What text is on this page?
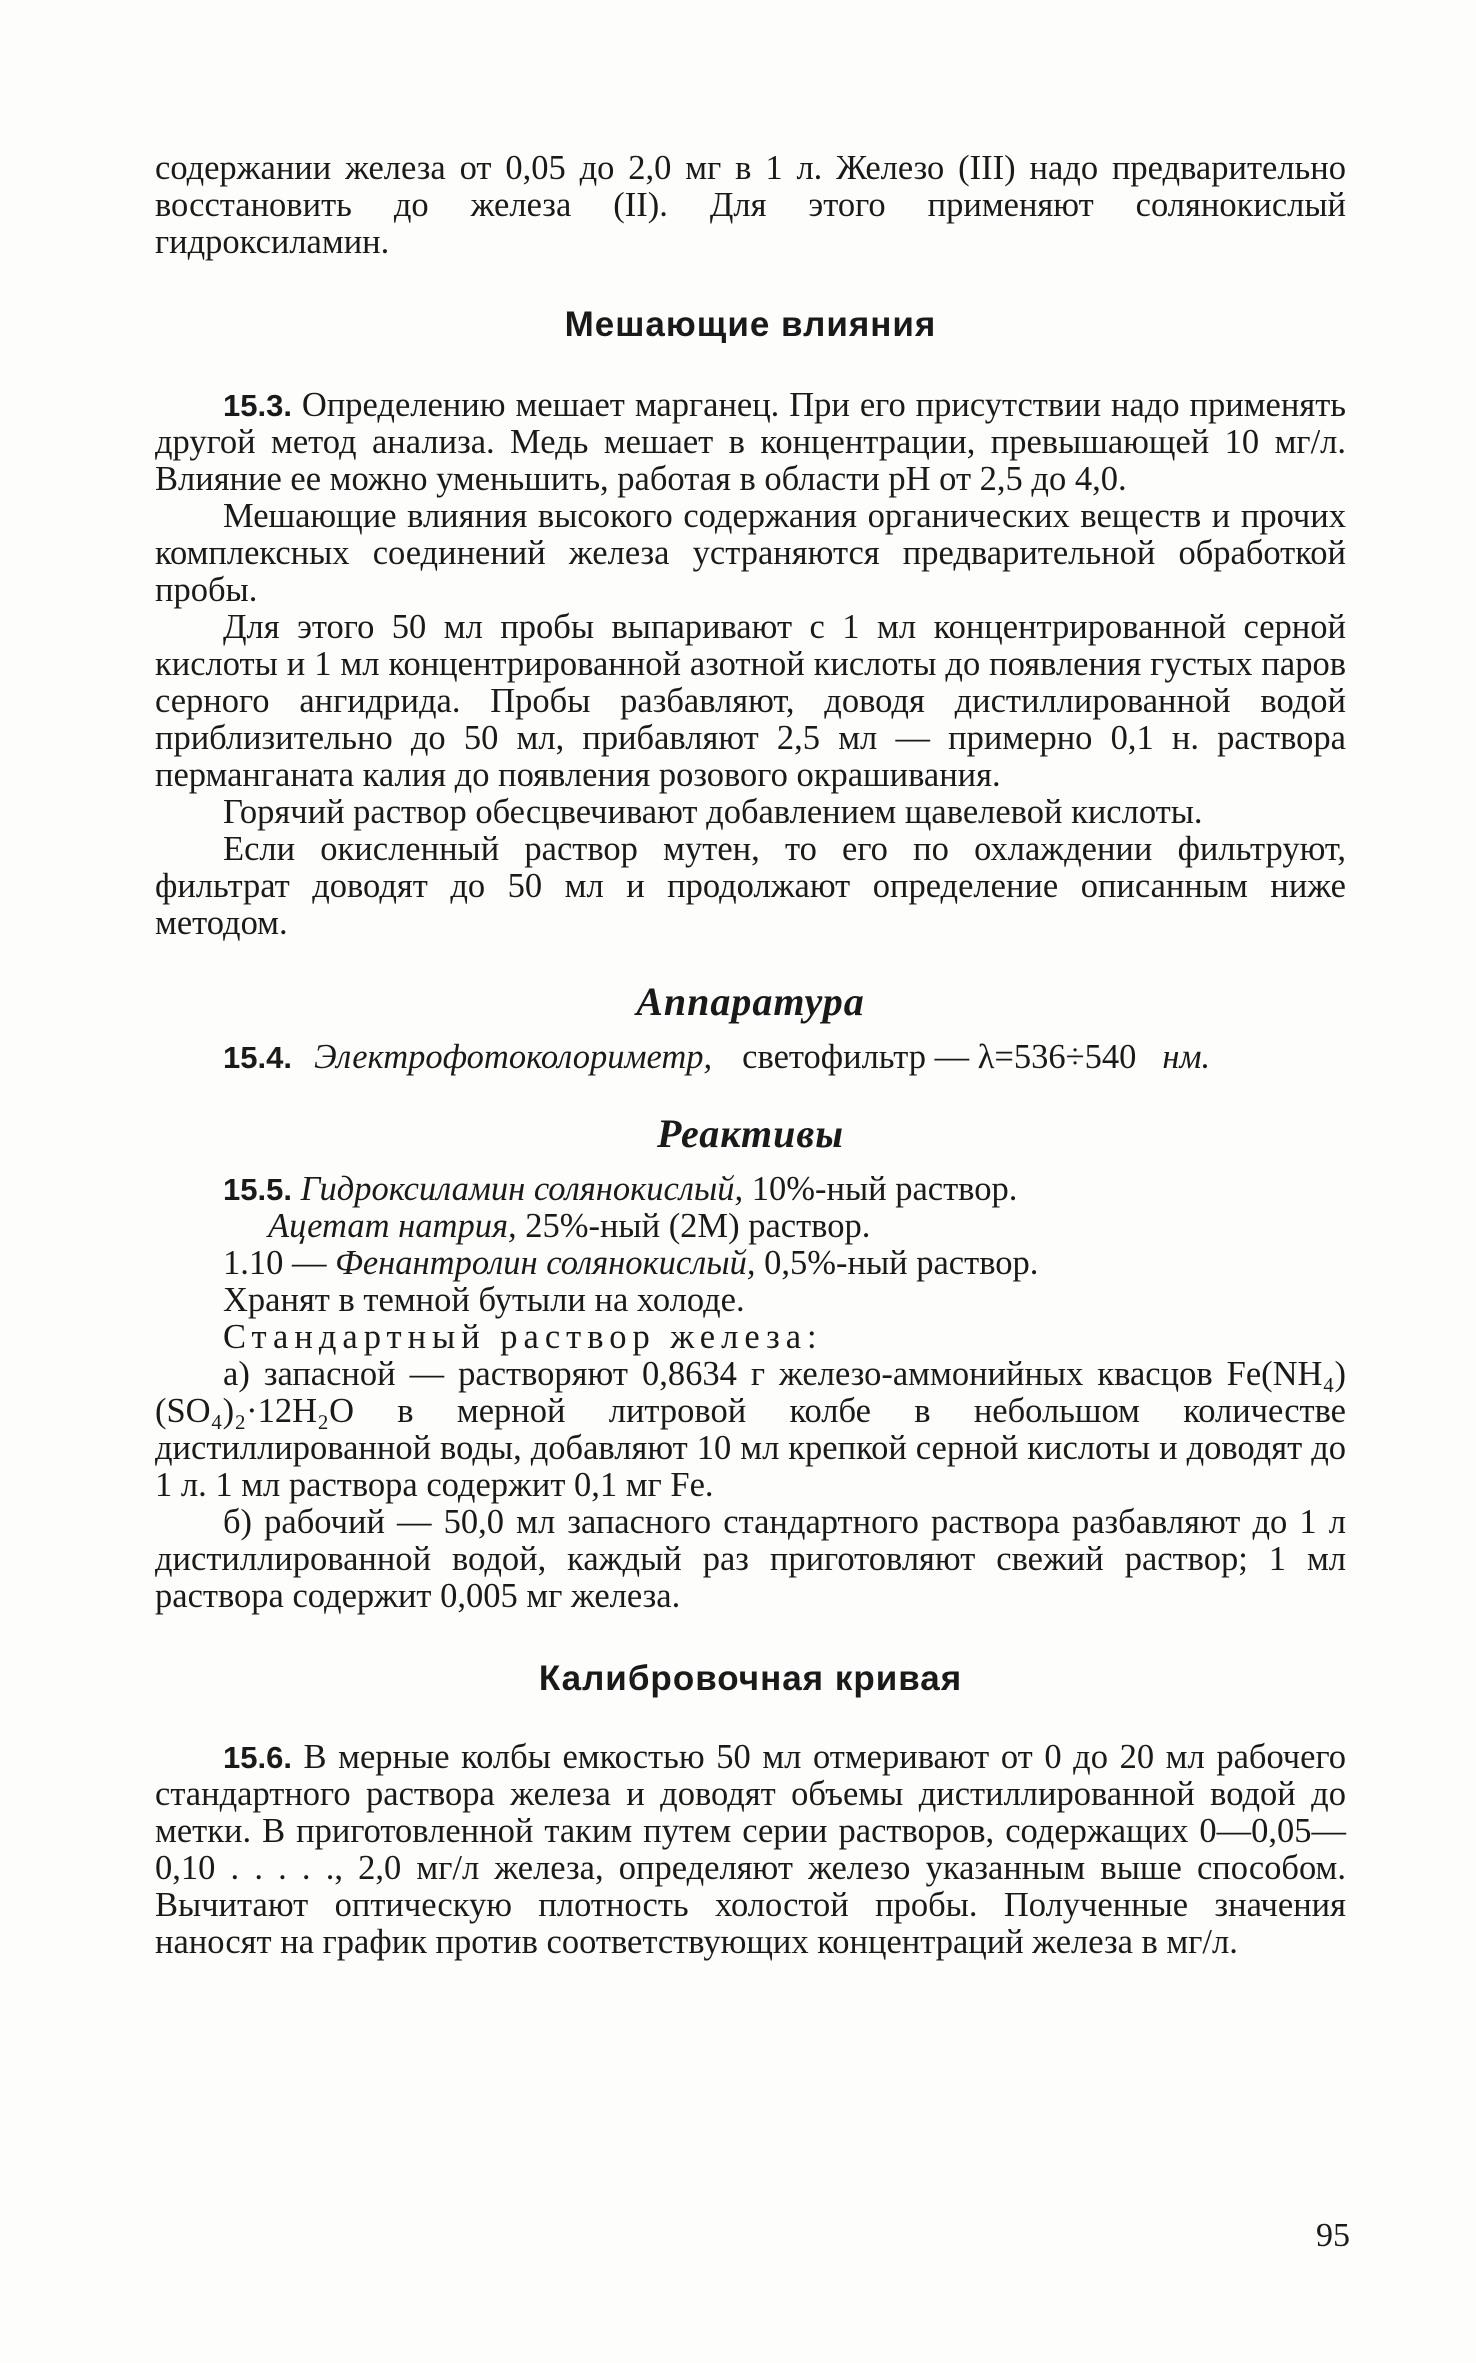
содержании железа от 0,05 до 2,0 мг в 1 л. Железо (III) надо предварительно восстановить до железа (II). Для этого применяют солянокислый гидроксиламин.

Мешающие влияния

15.3. Определению мешает марганец. При его присутствии надо применять другой метод анализа. Медь мешает в концентрации, превышающей 10 мг/л. Влияние ее можно уменьшить, работая в области pH от 2,5 до 4,0.

Мешающие влияния высокого содержания органических веществ и прочих комплексных соединений железа устраняются предварительной обработкой пробы.

Для этого 50 мл пробы выпаривают с 1 мл концентрированной серной кислоты и 1 мл концентрированной азотной кислоты до появления густых паров серного ангидрида. Пробы разбавляют, доводя дистиллированной водой приблизительно до 50 мл, прибавляют 2,5 мл — примерно 0,1 н. раствора перманганата калия до появления розового окрашивания.

Горячий раствор обесцвечивают добавлением щавелевой кислоты.

Если окисленный раствор мутен, то его по охлаждении фильтруют, фильтрат доводят до 50 мл и продолжают определение описанным ниже методом.

Аппаратура
15.4. Электрофотоколориметр, светофильтр — λ=536÷540 нм.
Реактивы

15.5. Гидроксиламин солянокислый, 10%-ный раствор.

Ацетат натрия, 25%-ный (2М) раствор.

1.10 — Фенантролин солянокислый, 0,5%-ный раствор.

Хранят в темной бутыли на холоде.

Стандартный раствор железа:

а) запасной — растворяют 0,8634 г железо-аммонийных квасцов Fe(NH₄)(SO₄)₂·12H₂O в мерной литровой колбе в небольшом количестве дистиллированной воды, добавляют 10 мл крепкой серной кислоты и доводят до 1 л. 1 мл раствора содержит 0,1 мг Fe.

б) рабочий — 50,0 мл запасного стандартного раствора разбавляют до 1 л дистиллированной водой, каждый раз приготовляют свежий раствор; 1 мл раствора содержит 0,005 мг железа.

Калибровочная кривая

15.6. В мерные колбы емкостью 50 мл отмеривают от 0 до 20 мл рабочего стандартного раствора железа и доводят объемы дистиллированной водой до метки. В приготовленной таким путем серии растворов, содержащих 0—0,05—0,10 . . . . ., 2,0 мг/л железа, определяют железо указанным выше способом. Вычитают оптическую плотность холостой пробы. Полученные значения наносят на график против соответствующих концентраций железа в мг/л.

95
